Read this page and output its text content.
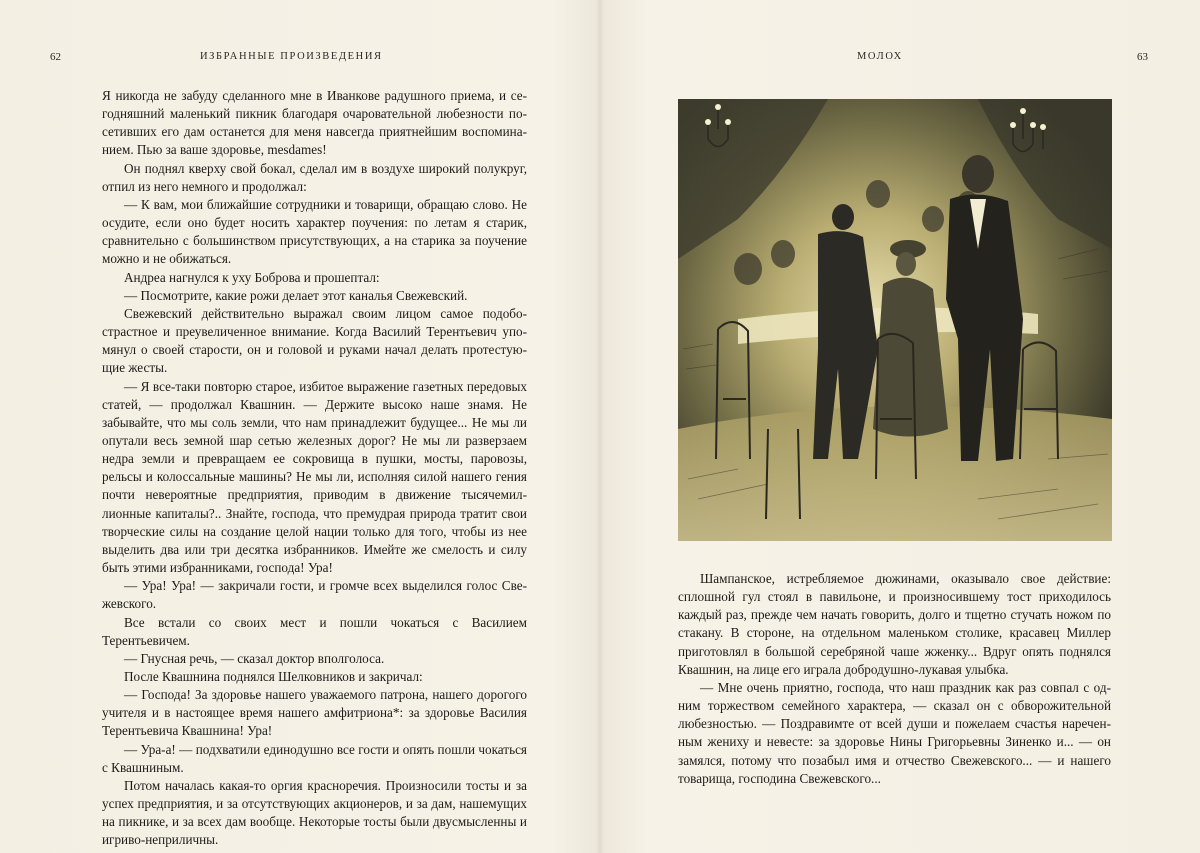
62	ИЗБРАННЫЕ ПРОИЗВЕДЕНИЯ

Я никогда не забуду сделанного мне в Иванкове радушного приема, и сегодняшний маленький пикник благодаря очаровательной любезности посетивших его дам останется для меня навсегда приятнейшим воспоминанием. Пью за ваше здоровье, mesdames!

Он поднял кверху свой бокал, сделал им в воздухе широкий полукруг, отпил из него немного и продолжал:

— К вам, мои ближайшие сотрудники и товарищи, обращаю слово. Не осудите, если оно будет носить характер поучения: по летам я старик, сравнительно с большинством присутствующих, а на старика за поучение можно и не обижаться.

Андреа нагнулся к уху Боброва и прошептал:

— Посмотрите, какие рожи делает этот каналья Свежевский.

Свежевский действительно выражал своим лицом самое подобострастное и преувеличенное внимание. Когда Василий Терентьевич упомянул о своей старости, он и головой и руками начал делать протестующие жесты.

— Я все-таки повторю старое, избитое выражение газетных передовых статей, — продолжал Квашнин. — Держите высоко наше знамя. Не забывайте, что мы соль земли, что нам принадлежит будущее... Не мы ли опутали весь земной шар сетью железных дорог? Не мы ли разверзаем недра земли и превращаем ее сокровища в пушки, мосты, паровозы, рельсы и колоссальные машины? Не мы ли, исполняя силой нашего гения почти невероятные предприятия, приводим в движение тысячемиллионные капиталы?.. Знайте, господа, что премудрая природа тратит свои творческие силы на создание целой нации только для того, чтобы из нее выделить два или три десятка избранников. Имейте же смелость и силу быть этими избранниками, господа! Ура!

— Ура! Ура! — закричали гости, и громче всех выделился голос Свежевского.

Все встали со своих мест и пошли чокаться с Василием Терентьевичем.

— Гнусная речь, — сказал доктор вполголоса.

После Квашнина поднялся Шелковников и закричал:

— Господа! За здоровье нашего уважаемого патрона, нашего дорогого учителя и в настоящее время нашего амфитриона*: за здоровье Василия Терентьевича Квашнина! Ура!

— Ура-а! — подхватили единодушно все гости и опять пошли чокаться с Квашниным.

Потом началась какая-то оргия красноречия. Произносили тосты и за успех предприятия, и за отсутствующих акционеров, и за дам, нашемущих на пикнике, и за всех дам вообще. Некоторые тосты были двусмысленны и игриво-неприличны.

МОЛОХ	63

Шампанское, истребляемое дюжинами, оказывало свое действие: сплошной гул стоял в павильоне, и произносившему тост приходилось каждый раз, прежде чем начать говорить, долго и тщетно стучать ножом по стакану. В стороне, на отдельном маленьком столике, красавец Миллер приготовлял в большой серебряной чаше жженку... Вдруг опять поднялся Квашнин, на лице его играла добродушно-лукавая улыбка.

— Мне очень приятно, господа, что наш праздник как раз совпал с одним торжеством семейного характера, — сказал он с обворожительной любезностью. — Поздравимте от всей души и пожелаем счастья нареченным жениху и невесте: за здоровье Нины Григорьевны Зиненко и... — он замялся, потому что позабыл имя и отчество Свежевского... — и нашего товарища, господина Свежевского...
